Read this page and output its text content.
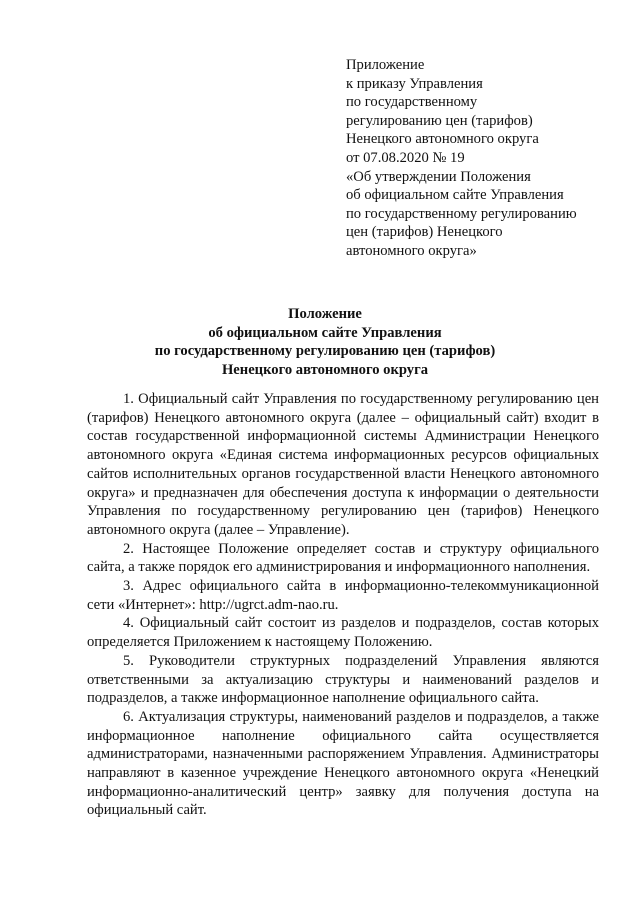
Приложение
к приказу Управления
по государственному
регулированию цен (тарифов)
Ненецкого автономного округа
от 07.08.2020 № 19
«Об утверждении Положения
об официальном сайте Управления
по государственному регулированию
цен (тарифов) Ненецкого
автономного округа»
Положение
об официальном сайте Управления
по государственному регулированию цен (тарифов)
Ненецкого автономного округа

1. Официальный сайт Управления по государственному регулированию цен (тарифов) Ненецкого автономного округа (далее – официальный сайт) входит в состав государственной информационной системы Администрации Ненецкого автономного округа «Единая система информационных ресурсов официальных сайтов исполнительных органов государственной власти Ненецкого автономного округа» и предназначен для обеспечения доступа к информации о деятельности Управления по государственному регулированию цен (тарифов) Ненецкого автономного округа (далее – Управление).

2. Настоящее Положение определяет состав и структуру официального сайта, а также порядок его администрирования и информационного наполнения.

3. Адрес официального сайта в информационно-телекоммуникационной сети «Интернет»: http://ugrct.adm-nao.ru.

4. Официальный сайт состоит из разделов и подразделов, состав которых определяется Приложением к настоящему Положению.

5. Руководители структурных подразделений Управления являются ответственными за актуализацию структуры и наименований разделов и подразделов, а также информационное наполнение официального сайта.

6. Актуализация структуры, наименований разделов и подразделов, а также информационное наполнение официального сайта осуществляется администраторами, назначенными распоряжением Управления. Администраторы направляют в казенное учреждение Ненецкого автономного округа «Ненецкий информационно-аналитический центр» заявку для получения доступа на официальный сайт.
